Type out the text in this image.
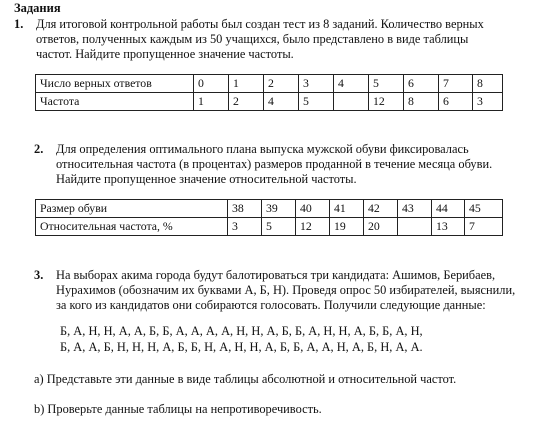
Задания
1. Для итоговой контрольной работы был создан тест из 8 заданий. Количество верных

ответов, полученных каждым из 50 учащихся, было представлено в виде таблицы

частот. Найдите пропущенное значение частоты.

Число верных ответов	0	1	2	3	4	5	6	7	8
Частота	1	2	4	5		12	8	6	3
2. Для определения оптимального плана выпуска мужской обуви фиксировалась

относительная частота (в процентах) размеров проданной в течение месяца обуви.

Найдите пропущенное значение относительной частоты.

Размер обуви	38	39	40	41	42	43	44	45
Относительная частота, %	3	5	12	19	20		13	7
3. На выборах акима города будут балотироваться три кандидата: Ашимов, Берибаев,

Нурахимов (обозначим их буквами А, Б, Н). Проведя опрос 50 избирателей, выяснили,

за кого из кандидатов они собираются голосовать. Получили следующие данные:

Б, А, Н, Н, А, А, Б, Б, А, А, А, А, Н, Н, А, Б, Б, А, Н, Н, А, Б, Б, А, Н,
Б, А, А, Б, Н, Н, Н, А, Б, Б, Н, А, Н, Н, А, Б, Б, А, А, Н, А, Б, Н, А, А.
а) Представьте эти данные в виде таблицы абсолютной и относительной частот.
b) Проверьте данные таблицы на непротиворечивость.
